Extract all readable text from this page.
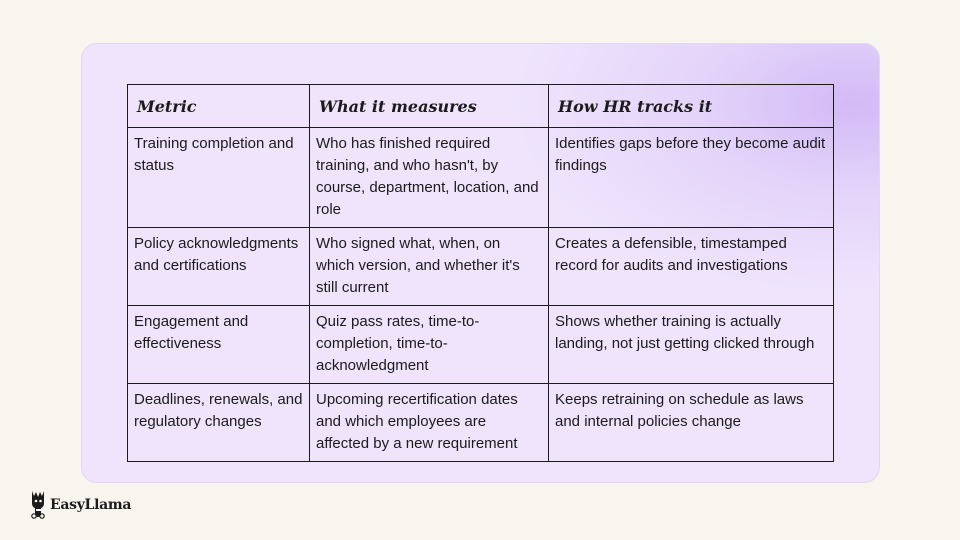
Metric	What it measures	How HR tracks it
Training completion and status	Who has finished required training, and who hasn't, by course, department, location, and role	Identifies gaps before they become audit findings
Policy acknowledgments and certifications	Who signed what, when, on which version, and whether it's still current	Creates a defensible, timestamped record for audits and investigations
Engagement and effectiveness	Quiz pass rates, time-to-completion, time-to-acknowledgment	Shows whether training is actually landing, not just getting clicked through
Deadlines, renewals, and regulatory changes	Upcoming recertification dates and which employees are affected by a new requirement	Keeps retraining on schedule as laws and internal policies change
EasyLlama
